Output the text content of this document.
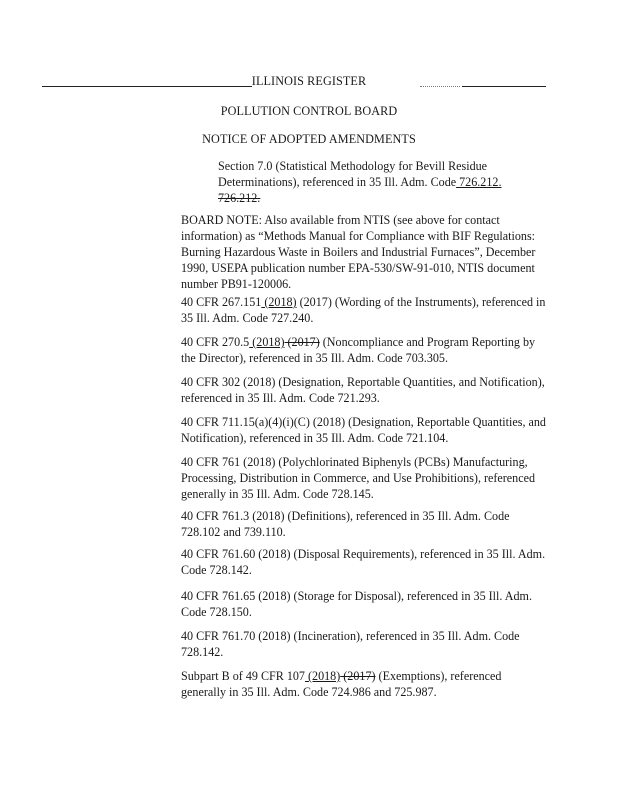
ILLINOIS REGISTER
POLLUTION CONTROL BOARD
NOTICE OF ADOPTED AMENDMENTS

Section 7.0 (Statistical Methodology for Bevill Residue Determinations), referenced in 35 Ill. Adm. Code 726.212.
726.212.

BOARD NOTE: Also available from NTIS (see above for contact information) as “Methods Manual for Compliance with BIF Regulations: Burning Hazardous Waste in Boilers and Industrial Furnaces”, December 1990, USEPA publication number EPA-530/SW-91-010, NTIS document number PB91-120006.

40 CFR 267.151 (2018) (2017) (Wording of the Instruments), referenced in 35 Ill. Adm. Code 727.240.

40 CFR 270.5 (2018) (2017) (Noncompliance and Program Reporting by the Director), referenced in 35 Ill. Adm. Code 703.305.

40 CFR 302 (2018) (Designation, Reportable Quantities, and Notification), referenced in 35 Ill. Adm. Code 721.293.

40 CFR 711.15(a)(4)(i)(C) (2018) (Designation, Reportable Quantities, and Notification), referenced in 35 Ill. Adm. Code 721.104.

40 CFR 761 (2018) (Polychlorinated Biphenyls (PCBs) Manufacturing, Processing, Distribution in Commerce, and Use Prohibitions), referenced generally in 35 Ill. Adm. Code 728.145.

40 CFR 761.3 (2018) (Definitions), referenced in 35 Ill. Adm. Code 728.102 and 739.110.

40 CFR 761.60 (2018) (Disposal Requirements), referenced in 35 Ill. Adm. Code 728.142.

40 CFR 761.65 (2018) (Storage for Disposal), referenced in 35 Ill. Adm. Code 728.150.

40 CFR 761.70 (2018) (Incineration), referenced in 35 Ill. Adm. Code 728.142.

Subpart B of 49 CFR 107 (2018) (2017) (Exemptions), referenced generally in 35 Ill. Adm. Code 724.986 and 725.987.
